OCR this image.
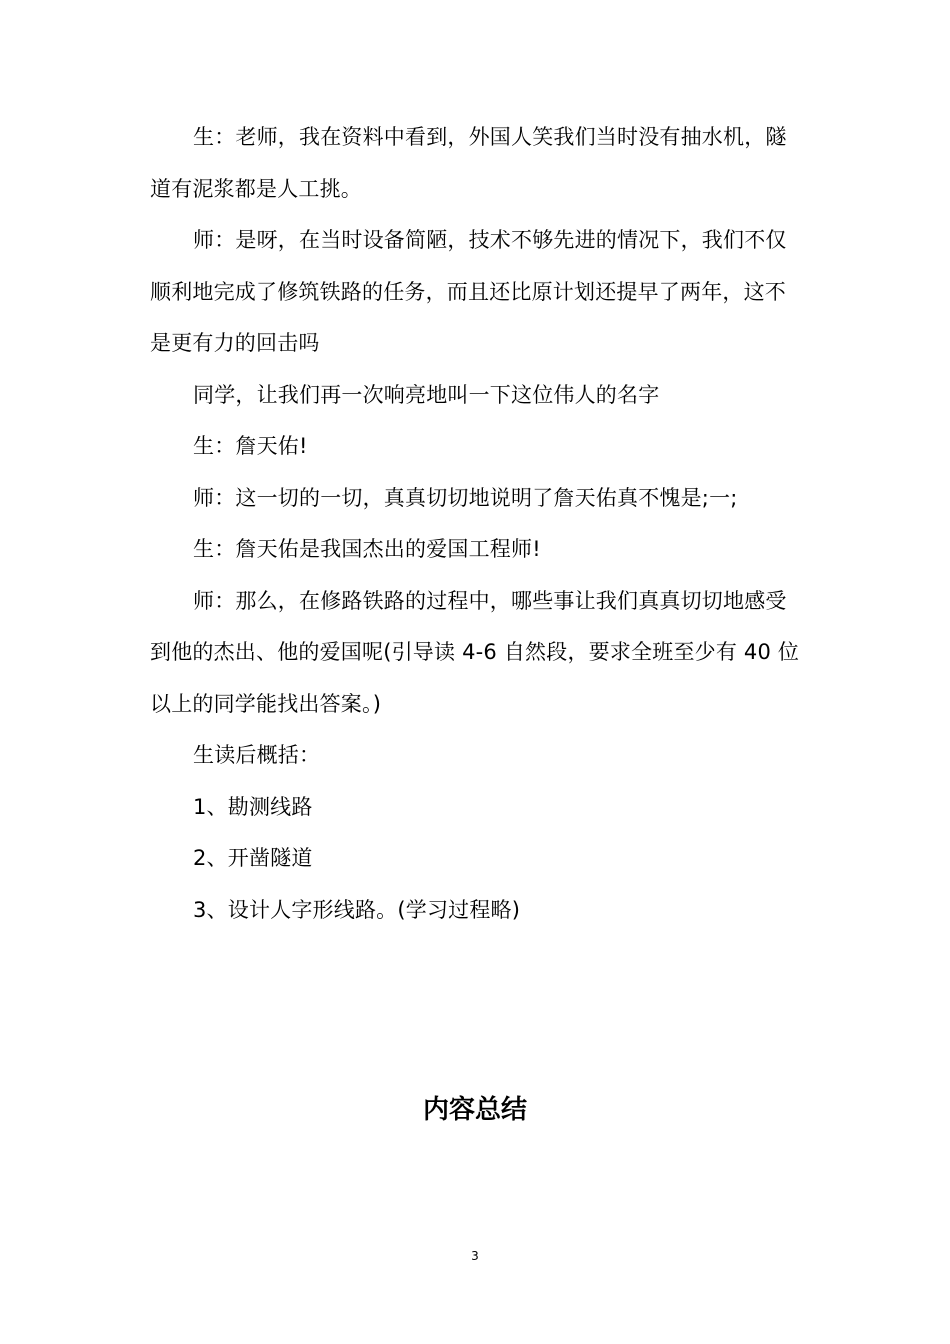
生：老师，我在资料中看到，外国人笑我们当时没有抽水机，隧道有泥浆都是人工挑。

师：是呀，在当时设备简陋，技术不够先进的情况下，我们不仅顺利地完成了修筑铁路的任务，而且还比原计划还提早了两年，这不是更有力的回击吗

同学，让我们再一次响亮地叫一下这位伟人的名字

生：詹天佑!

师：这一切的一切，真真切切地说明了詹天佑真不愧是;一;

生：詹天佑是我国杰出的爱国工程师!

师：那么，在修路铁路的过程中，哪些事让我们真真切切地感受到他的杰出、他的爱国呢(引导读 4-6 自然段，要求全班至少有 40 位以上的同学能找出答案。)

生读后概括：

1、勘测线路

2、开凿隧道

3、设计人字形线路。(学习过程略)

内容总结
3
